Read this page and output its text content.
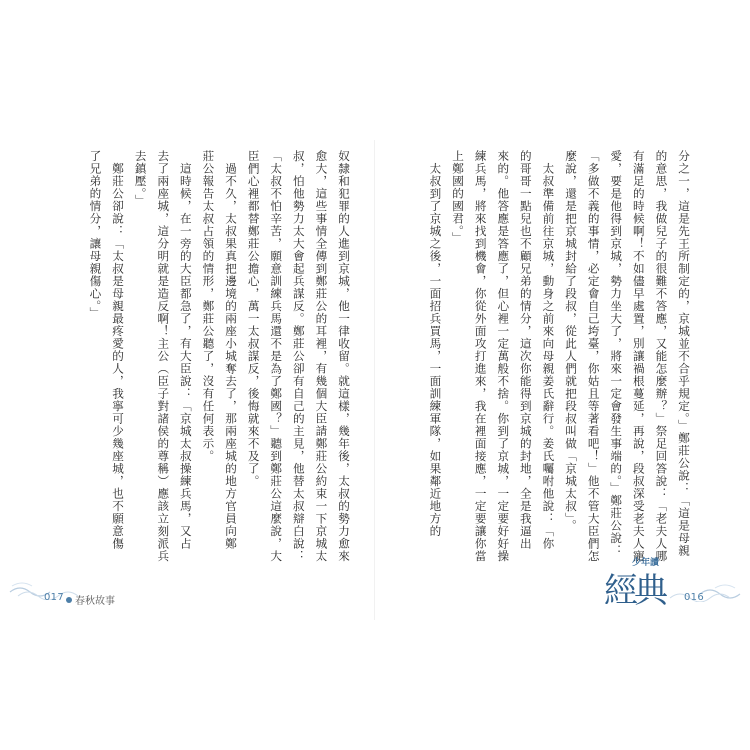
奴隸和犯罪的人進到京城，他一律收留。就這樣，幾年後，太叔的勢力愈來

愈大，這些事情全傳到鄭莊公的耳裡，有幾個大臣請鄭莊公約束一下京城太

叔，怕他勢力太大會起兵謀反。鄭莊公卻有自己的主見，他替太叔辯白說：

「太叔不怕辛苦，願意訓練兵馬還不是為了鄭國？」聽到鄭莊公這麼說，大

臣們心裡都替鄭莊公擔心，萬一太叔謀反，後悔就來不及了。

　過不久，太叔果真把邊境的兩座小城奪去了，那兩座城的地方官員向鄭

莊公報告太叔占領的情形，鄭莊公聽了，沒有任何表示。

　這時候，在一旁的大臣都急了，有大臣說：「京城太叔操練兵馬，又占

去了兩座城，這分明就是造反啊！主公（臣子對諸侯的尊稱）應該立刻派兵

去鎮壓。」

　鄭莊公卻說：「太叔是母親最疼愛的人，我寧可少幾座城，也不願意傷

了兄弟的情分，讓母親傷心。」	分之一，這是先王所制定的，京城並不合乎規定。」鄭莊公說：「這是母親

的意思，我做兒子的很難不答應，又能怎麼辦？」祭足回答說：「老夫人哪

有滿足的時候啊！不如儘早處置，別讓禍根蔓延，再說，段叔深受老夫人寵

愛，要是他得到京城，勢力坐大了，將來一定會發生事端的。」鄭莊公說：

「多做不義的事情，必定會自己垮臺，你姑且等著看吧！」他不管大臣們怎

麼說，還是把京城封給了段叔，從此人們就把段叔叫做「京城太叔」。

　太叔準備前往京城，動身之前來向母親姜氏辭行。姜氏囑咐他說：「你

的哥哥一點兒也不顧兄弟的情分，這次你能得到京城的封地，全是我逼出

來的。他答應是答應了，但心裡一定萬般不捨。你到了京城，一定要好好操

練兵馬，將來找到機會，你從外面攻打進來，我在裡面接應，一定要讓你當

上鄭國的國君。」

　太叔到了京城之後，一面招兵買馬，一面訓練軍隊，如果鄰近地方的

017 春秋故事
少年讀
經典 016
